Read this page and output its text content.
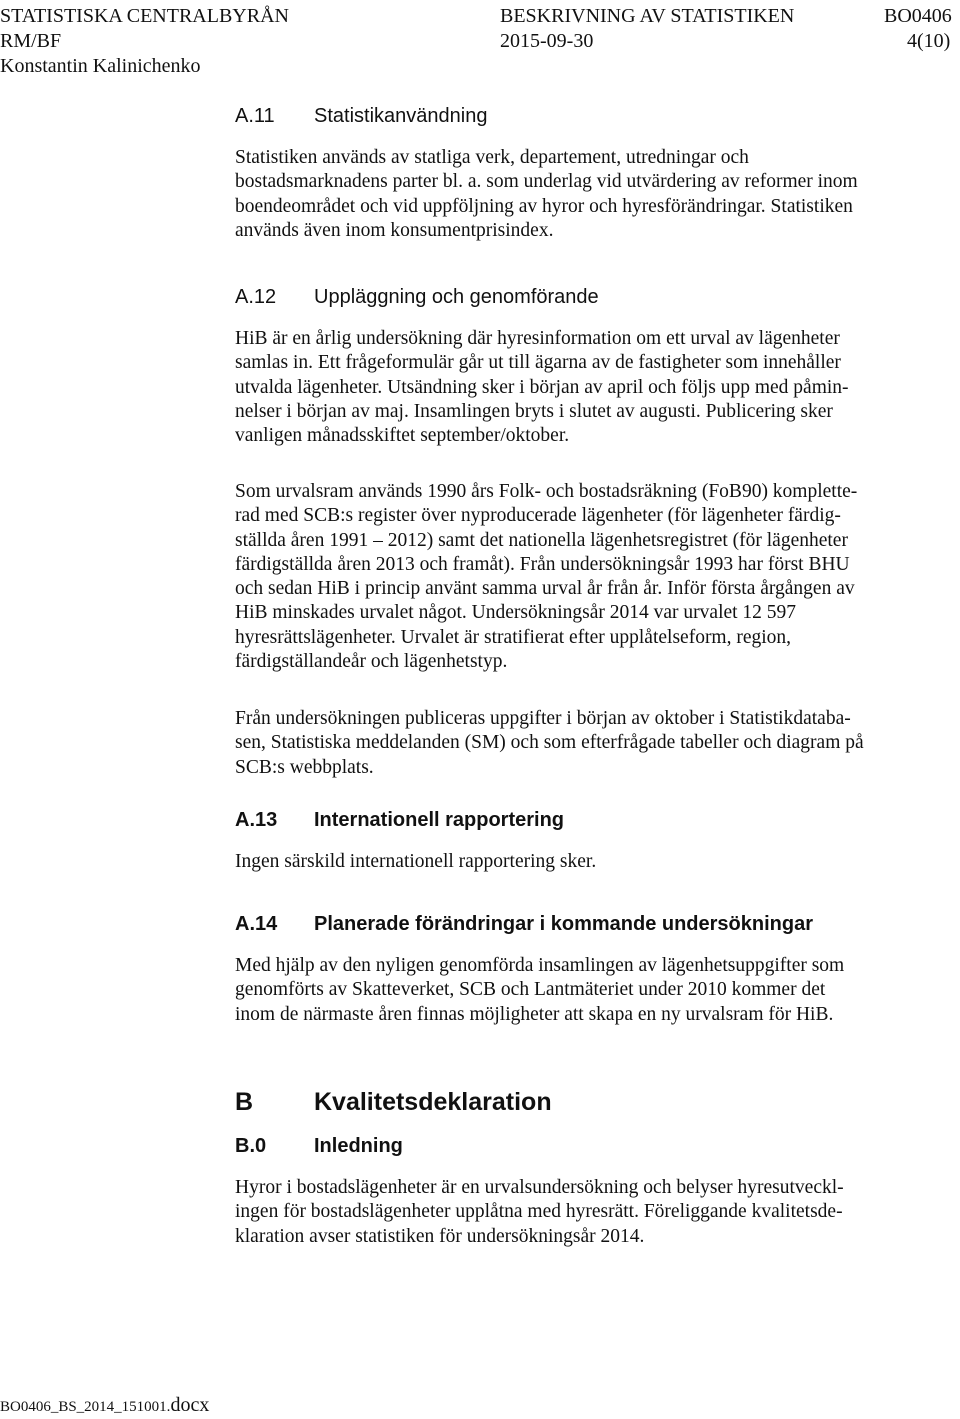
STATISTISKA CENTRALBYRÅN	BESKRIVNING AV STATISTIKEN	BO0406
RM/BF	2015-09-30	4(10)
Konstantin Kalinichenko
A.11 Statistikanvändning
Statistiken används av statliga verk, departement, utredningar och
bostadsmarknadens parter bl. a. som underlag vid utvärdering av reformer inom
boendeområdet och vid uppföljning av hyror och hyresförändringar. Statistiken
används även inom konsumentprisindex.
A.12 Uppläggning och genomförande
HiB är en årlig undersökning där hyresinformation om ett urval av lägenheter
samlas in. Ett frågeformulär går ut till ägarna av de fastigheter som innehåller
utvalda lägenheter. Utsändning sker i början av april och följs upp med påmin-
nelser i början av maj. Insamlingen bryts i slutet av augusti. Publicering sker
vanligen månadsskiftet september/oktober.
Som urvalsram används 1990 års Folk- och bostadsräkning (FoB90) komplette-
rad med SCB:s register över nyproducerade lägenheter (för lägenheter färdig-
ställda åren 1991 – 2012) samt det nationella lägenhetsregistret (för lägenheter
färdigställda åren 2013 och framåt). Från undersökningsår 1993 har först BHU
och sedan HiB i princip använt samma urval år från år. Inför första årgången av
HiB minskades urvalet något. Undersökningsår 2014 var urvalet 12 597
hyresrättslägenheter. Urvalet är stratifierat efter upplåtelseform, region,
färdigställandeår och lägenhetstyp.
Från undersökningen publiceras uppgifter i början av oktober i Statistikdataba-
sen, Statistiska meddelanden (SM) och som efterfrågade tabeller och diagram på
SCB:s webbplats.
A.13 Internationell rapportering
Ingen särskild internationell rapportering sker.
A.14 Planerade förändringar i kommande undersökningar
Med hjälp av den nyligen genomförda insamlingen av lägenhetsuppgifter som
genomförts av Skatteverket, SCB och Lantmäteriet under 2010 kommer det
inom de närmaste åren finnas möjligheter att skapa en ny urvalsram för HiB.
B Kvalitetsdeklaration
B.0 Inledning
Hyror i bostadslägenheter är en urvalsundersökning och belyser hyresutveckl-
ingen för bostadslägenheter upplåtna med hyresrätt. Föreliggande kvalitetsde-
klaration avser statistiken för undersökningsår 2014.
BO0406_BS_2014_151001.docx
